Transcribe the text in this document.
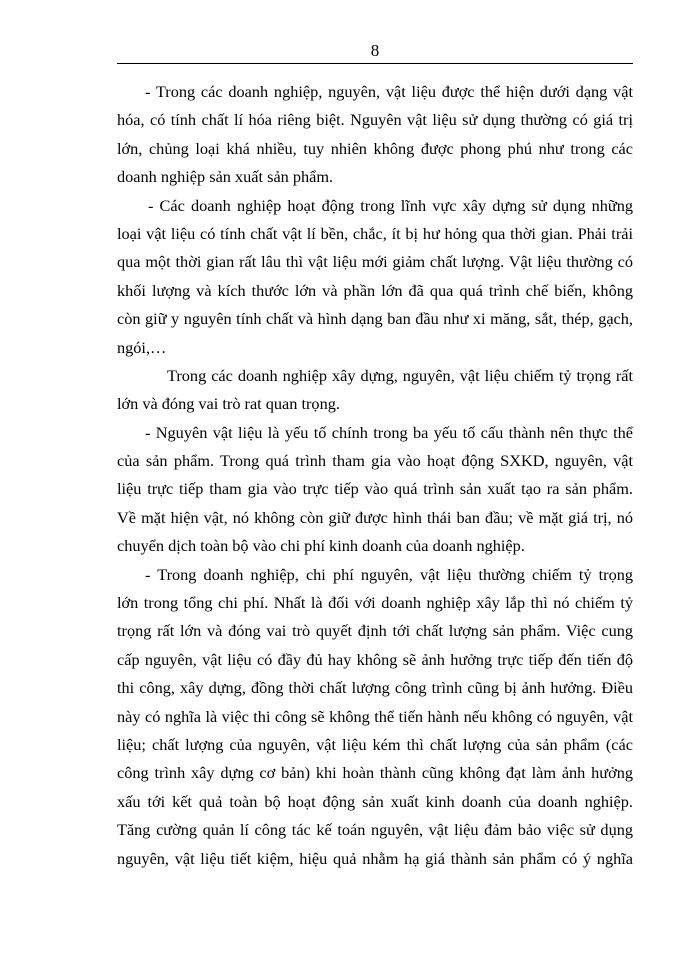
8

- Trong các doanh nghiệp, nguyên, vật liệu được thể hiện dưới dạng vật
hóa, có tính chất lí hóa riêng biệt. Nguyên vật liệu sử dụng thường có giá trị
lớn, chủng loại khá nhiều, tuy nhiên không được phong phú như trong các
doanh nghiệp sản xuất sản phẩm.

- Các doanh nghiệp hoạt động trong lĩnh vực xây dựng sử dụng những
loại vật liệu có tính chất vật lí bền, chắc, ít bị hư hỏng qua thời gian. Phải trải
qua một thời gian rất lâu thì vật liệu mới giảm chất lượng. Vật liệu thường có
khối lượng và kích thước lớn và phần lớn đã qua quá trình chế biến, không
còn giữ y nguyên tính chất và hình dạng ban đầu như xi măng, sắt, thép, gạch,
ngói,…

Trong các doanh nghiệp xây dựng, nguyên, vật liệu chiếm tỷ trọng rất
lớn và đóng vai trò rat quan trọng.

- Nguyên vật liệu là yếu tố chính trong ba yếu tố cấu thành nên thực thể
của sản phẩm. Trong quá trình tham gia vào hoạt động SXKD, nguyên, vật
liệu trực tiếp tham gia vào trực tiếp vào quá trình sản xuất tạo ra sản phẩm.
Về mặt hiện vật, nó không còn giữ được hình thái ban đầu; về mặt giá trị, nó
chuyển dịch toàn bộ vào chi phí kinh doanh của doanh nghiệp.

- Trong doanh nghiệp, chi phí nguyên, vật liệu thường chiếm tỷ trọng
lớn trong tổng chi phí. Nhất là đối với doanh nghiệp xây lắp thì nó chiếm tỷ
trọng rất lớn và đóng vai trò quyết định tới chất lượng sản phẩm. Việc cung
cấp nguyên, vật liệu có đầy đủ hay không sẽ ảnh hưởng trực tiếp đến tiến độ
thi công, xây dựng, đồng thời chất lượng công trình cũng bị ảnh hưởng. Điều
này có nghĩa là việc thi công sẽ không thể tiến hành nếu không có nguyên, vật
liệu; chất lượng của nguyên, vật liệu kém thì chất lượng của sản phẩm (các
công trình xây dựng cơ bản) khi hoàn thành cũng không đạt làm ảnh hưởng
xấu tới kết quả toàn bộ hoạt động sản xuất kinh doanh của doanh nghiệp.
Tăng cường quản lí công tác kế toán nguyên, vật liệu đảm bảo việc sử dụng
nguyên, vật liệu tiết kiệm, hiệu quả nhằm hạ giá thành sản phẩm có ý nghĩa
